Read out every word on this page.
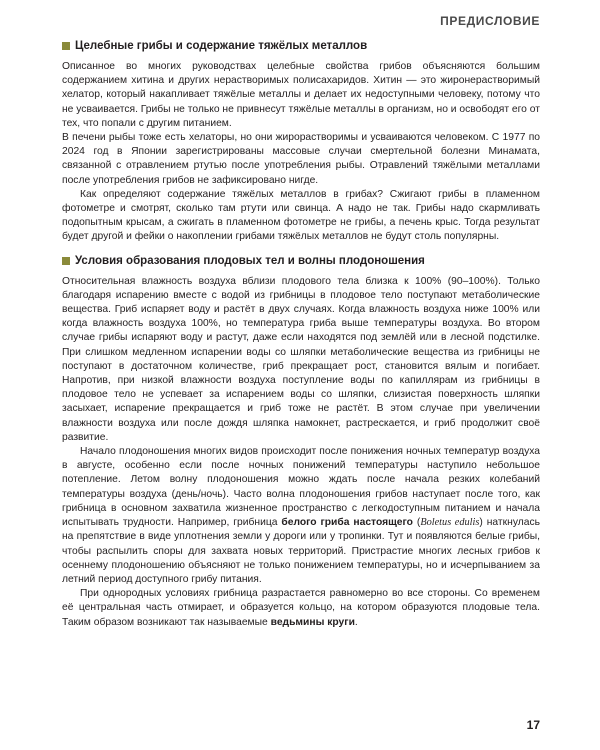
ПРЕДИСЛОВИЕ
Целебные грибы и содержание тяжёлых металлов

Описанное во многих руководствах целебные свойства грибов объясняются большим содержанием хитина и других нерастворимых полисахаридов. Хитин — это жиронерастворимый хелатор, который накапливает тяжёлые металлы и делает их недоступными человеку, потому что не усваивается. Грибы не только не привнесут тяжёлые металлы в организм, но и освободят его от тех, что попали с другим питанием.

В печени рыбы тоже есть хелаторы, но они жирорастворимы и усваиваются человеком. С 1977 по 2024 год в Японии зарегистрированы массовые случаи смертельной болезни Минамата, связанной с отравлением ртутью после употребления рыбы. Отравлений тяжёлыми металлами после употребления грибов не зафиксировано нигде.

Как определяют содержание тяжёлых металлов в грибах? Сжигают грибы в пламенном фотометре и смотрят, сколько там ртути или свинца. А надо не так. Грибы надо скармливать подопытным крысам, а сжигать в пламенном фотометре не грибы, а печень крыс. Тогда результат будет другой и фейки о накоплении грибами тяжёлых металлов не будут столь популярны.

Условия образования плодовых тел и волны плодоношения

Относительная влажность воздуха вблизи плодового тела близка к 100% (90–100%). Только благодаря испарению вместе с водой из грибницы в плодовое тело поступают метаболические вещества. Гриб испаряет воду и растёт в двух случаях. Когда влажность воздуха ниже 100% или когда влажность воздуха 100%, но температура гриба выше температуры воздуха. Во втором случае грибы испаряют воду и растут, даже если находятся под землёй или в лесной подстилке. При слишком медленном испарении воды со шляпки метаболические вещества из грибницы не поступают в достаточном количестве, гриб прекращает рост, становится вялым и погибает. Напротив, при низкой влажности воздуха поступление воды по капиллярам из грибницы в плодовое тело не успевает за испарением воды со шляпки, слизистая поверхность шляпки засыхает, испарение прекращается и гриб тоже не растёт. В этом случае при увеличении влажности воздуха или после дождя шляпка намокнет, растрескается, и гриб продолжит своё развитие.

Начало плодоношения многих видов происходит после понижения ночных температур воздуха в августе, особенно если после ночных понижений температуры наступило небольшое потепление. Летом волну плодоношения можно ждать после начала резких колебаний температуры воздуха (день/ночь). Часто волна плодоношения грибов наступает после того, как грибница в основном захватила жизненное пространство с легкодоступным питанием и начала испытывать трудности. Например, грибница белого гриба настоящего (Boletus edulis) наткнулась на препятствие в виде уплотнения земли у дороги или у тропинки. Тут и появляются белые грибы, чтобы распылить споры для захвата новых территорий. Пристрастие многих лесных грибов к осеннему плодоношению объясняют не только понижением температуры, но и исчерпыванием за летний период доступного грибу питания.

При однородных условиях грибница разрастается равномерно во все стороны. Со временем её центральная часть отмирает, и образуется кольцо, на котором образуются плодовые тела. Таким образом возникают так называемые ведьмины круги.

17
